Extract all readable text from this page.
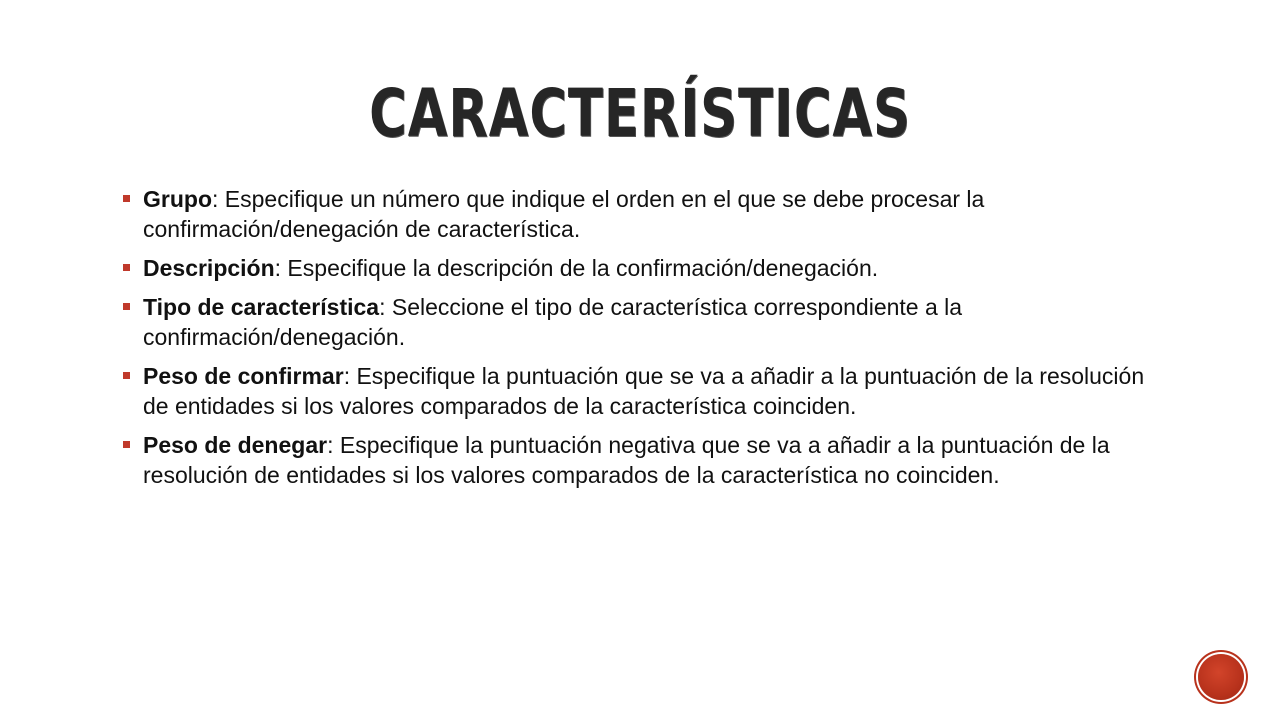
CARACTERÍSTICAS
Grupo: Especifique un número que indique el orden en el que se debe procesar la confirmación/denegación de característica.
Descripción: Especifique la descripción de la confirmación/denegación.
Tipo de característica: Seleccione el tipo de característica correspondiente a la confirmación/denegación.
Peso de confirmar: Especifique la puntuación que se va a añadir a la puntuación de la resolución de entidades si los valores comparados de la característica coinciden.
Peso de denegar: Especifique la puntuación negativa que se va a añadir a la puntuación de la resolución de entidades si los valores comparados de la característica no coinciden.
